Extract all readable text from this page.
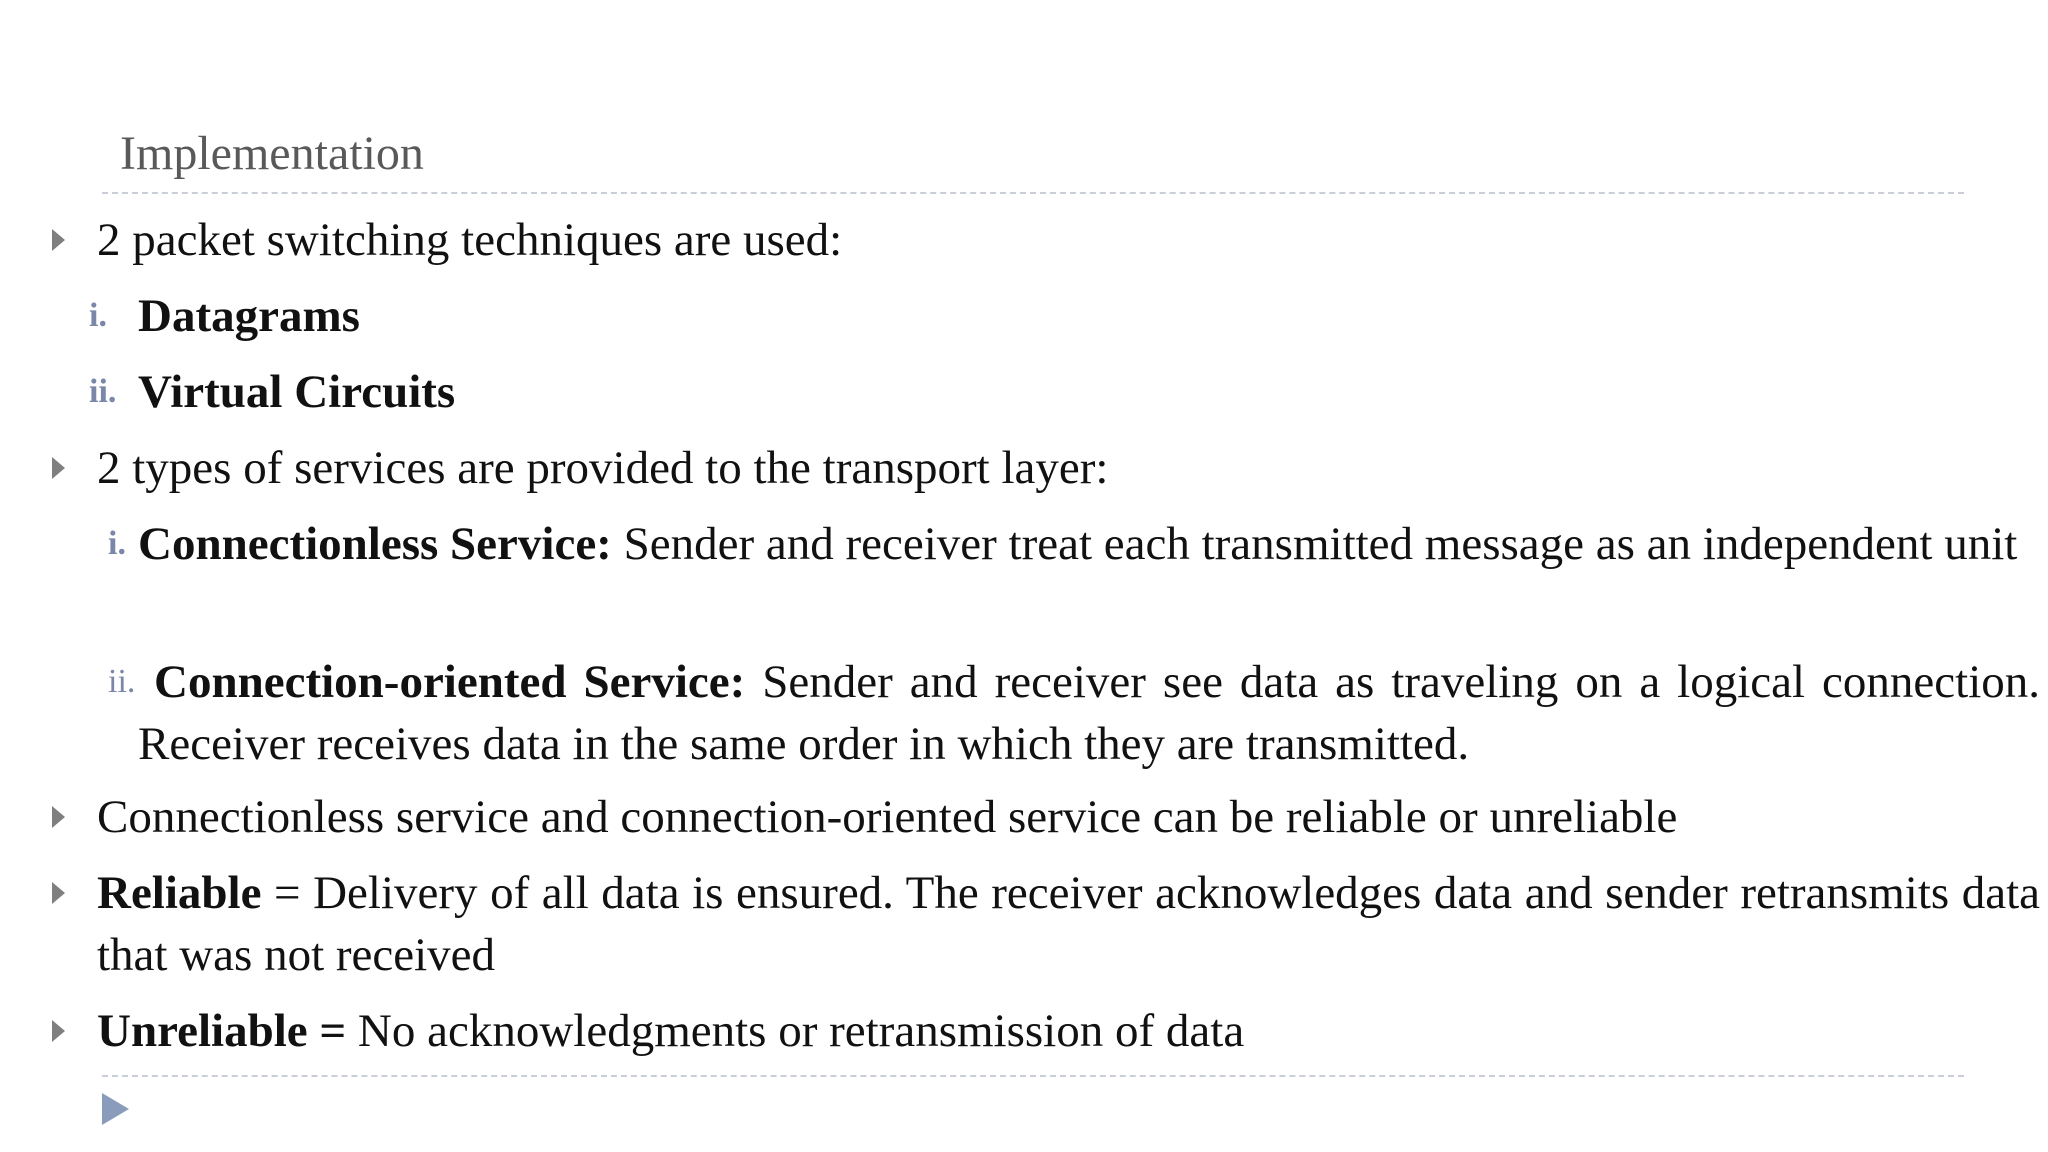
Implementation
2 packet switching techniques are used:
i. Datagrams
ii. Virtual Circuits
2 types of services are provided to the transport layer:
i. Connectionless Service: Sender and receiver treat each transmitted message as an independent unit
ii. Connection-oriented Service: Sender and receiver see data as traveling on a logical connection. Receiver receives data in the same order in which they are transmitted.
Connectionless service and connection-oriented service can be reliable or unreliable
Reliable = Delivery of all data is ensured. The receiver acknowledges data and sender retransmits data that was not received
Unreliable = No acknowledgments or retransmission of data
